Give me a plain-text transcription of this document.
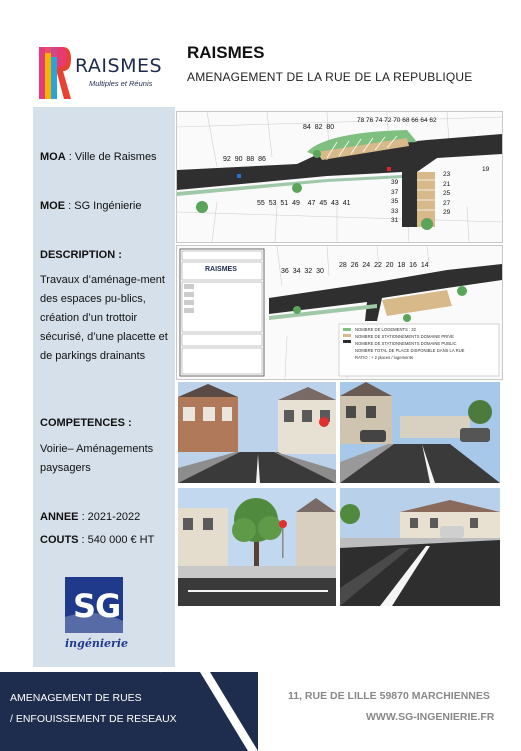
RAISMES
Multiples et Réunis
MOA : Ville de Raismes
MOE : SG Ingénierie
DESCRIPTION :
Travaux d’aménage-ment des espaces pu-blics, création d’un trottoir sécurisé, d’une placette et de parkings drainants
COMPETENCES :
Voirie– Aménagements paysagers
ANNEE : 2021-2022
COUTS : 540 000 € HT
SG
ingénierie
RAISMES
AMENAGEMENT DE LA RUE DE LA REPUBLIQUE
92 90 88 86
84 82 80
78 76 74 72 70 68 66 64 62
55 53 51 49 47 45 43 41
39
37
35
33
31
23
21
25
27
29
19
RAISMES	36 34 32 30
28 26 24 22 20 18 16 14
NOMBRE DE LOGEMENTS : 32
NOMBRE DE STATIONNEMENTS DOMAINE PRIVE
NOMBRE DE STATIONNEMENTS DOMAINE PUBLIC
NOMBRE TOTAL DE PLACE DISPONIBLE DANS LA RUE
RATIO : + 2 places / logements
AMENAGEMENT DE RUES
/ ENFOUISSEMENT DE RESEAUX
11, RUE DE LILLE 59870 MARCHIENNES
WWW.SG-INGENIERIE.FR
